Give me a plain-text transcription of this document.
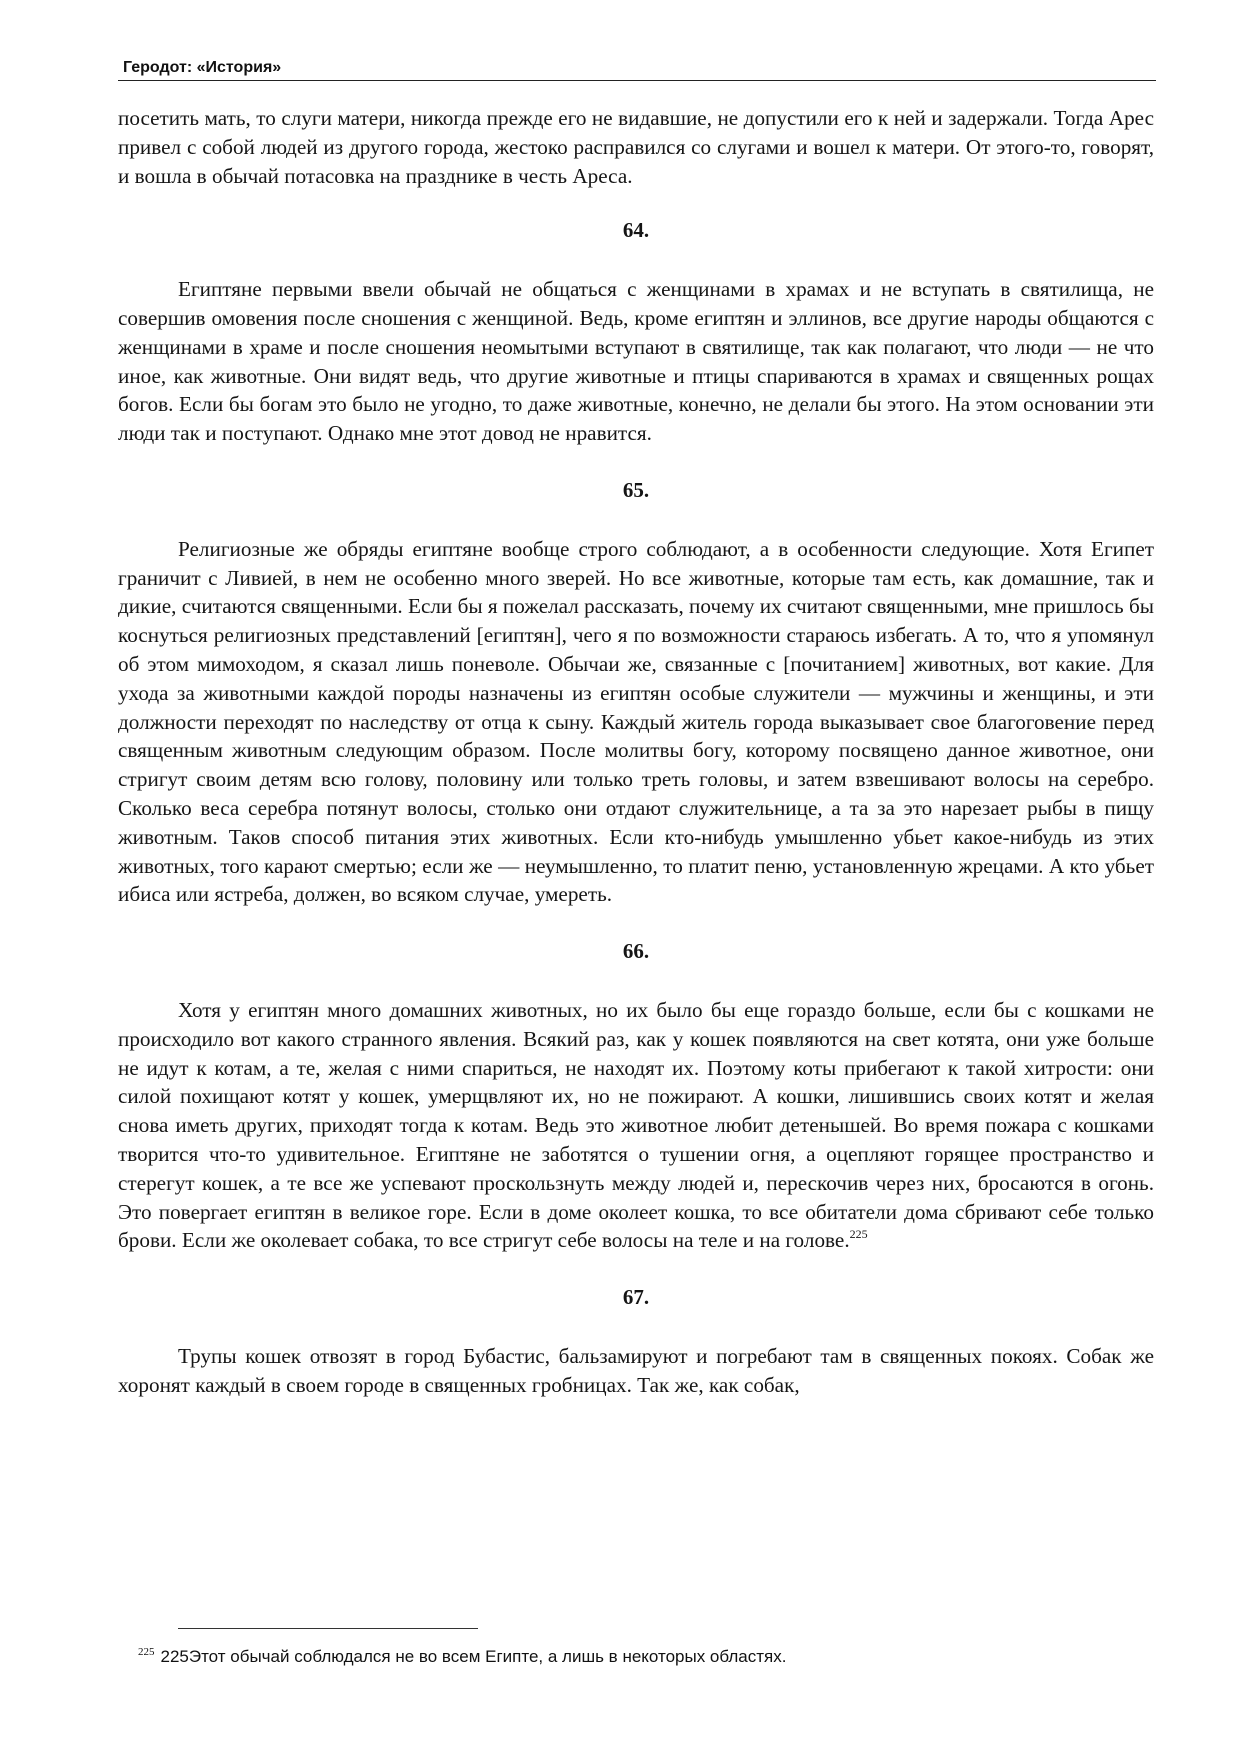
Геродот: «История»

посетить мать, то слуги матери, никогда прежде его не видавшие, не допустили его к ней и задержали. Тогда Арес привел с собой людей из другого города, жестоко расправился со слугами и вошел к матери. От этого-то, говорят, и вошла в обычай потасовка на празднике в честь Ареса.

64.

Египтяне первыми ввели обычай не общаться с женщинами в храмах и не вступать в святилища, не совершив омовения после сношения с женщиной. Ведь, кроме египтян и эллинов, все другие народы общаются с женщинами в храме и после сношения неомытыми вступают в святилище, так как полагают, что люди — не что иное, как животные. Они видят ведь, что другие животные и птицы спариваются в храмах и священных рощах богов. Если бы богам это было не угодно, то даже животные, конечно, не делали бы этого. На этом основании эти люди так и поступают. Однако мне этот довод не нравится.

65.

Религиозные же обряды египтяне вообще строго соблюдают, а в особенности следующие. Хотя Египет граничит с Ливией, в нем не особенно много зверей. Но все животные, которые там есть, как домашние, так и дикие, считаются священными. Если бы я пожелал рассказать, почему их считают священными, мне пришлось бы коснуться религиозных представлений [египтян], чего я по возможности стараюсь избегать. А то, что я упомянул об этом мимоходом, я сказал лишь поневоле. Обычаи же, связанные с [почитанием] животных, вот какие. Для ухода за животными каждой породы назначены из египтян особые служители — мужчины и женщины, и эти должности переходят по наследству от отца к сыну. Каждый житель города выказывает свое благоговение перед священным животным следующим образом. После молитвы богу, которому посвящено данное животное, они стригут своим детям всю голову, половину или только треть головы, и затем взвешивают волосы на серебро. Сколько веса серебра потянут волосы, столько они отдают служительнице, а та за это нарезает рыбы в пищу животным. Таков способ питания этих животных. Если кто-нибудь умышленно убьет какое-нибудь из этих животных, того карают смертью; если же — неумышленно, то платит пеню, установленную жрецами. А кто убьет ибиса или ястреба, должен, во всяком случае, умереть.

66.

Хотя у египтян много домашних животных, но их было бы еще гораздо больше, если бы с кошками не происходило вот какого странного явления. Всякий раз, как у кошек появляются на свет котята, они уже больше не идут к котам, а те, желая с ними спариться, не находят их. Поэтому коты прибегают к такой хитрости: они силой похищают котят у кошек, умерщвляют их, но не пожирают. А кошки, лишившись своих котят и желая снова иметь других, приходят тогда к котам. Ведь это животное любит детенышей. Во время пожара с кошками творится что-то удивительное. Египтяне не заботятся о тушении огня, а оцепляют горящее пространство и стерегут кошек, а те все же успевают проскользнуть между людей и, перескочив через них, бросаются в огонь. Это повергает египтян в великое горе. Если в доме околеет кошка, то все обитатели дома сбривают себе только брови. Если же околевает собака, то все стригут себе волосы на теле и на голове.$^{225}$

67.

Трупы кошек отвозят в город Бубастис, бальзамируют и погребают там в священных покоях. Собак же хоронят каждый в своем городе в священных гробницах. Так же, как собак,

$^{225}$ 225Этот обычай соблюдался не во всем Египте, а лишь в некоторых областях.
